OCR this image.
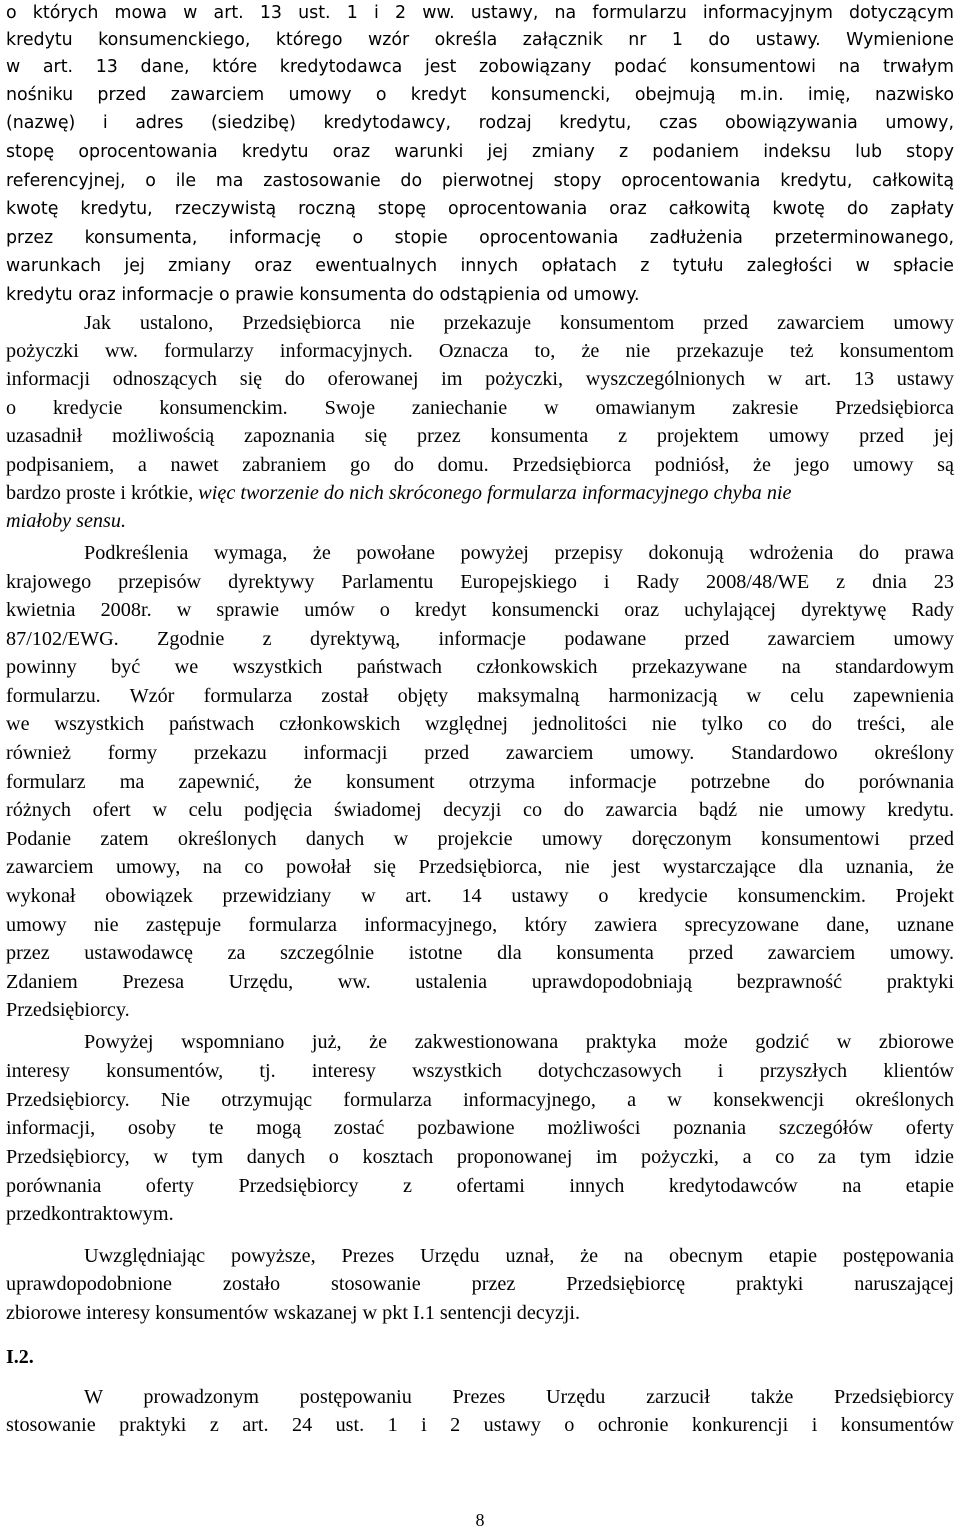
o których mowa w art. 13 ust. 1 i 2 ww. ustawy, na formularzu informacyjnym dotyczącym
kredytu konsumenckiego, którego wzór określa załącznik nr 1 do ustawy. Wymienione
w art. 13 dane, które kredytodawca jest zobowiązany podać konsumentowi na trwałym
nośniku przed zawarciem umowy o kredyt konsumencki, obejmują m.in. imię, nazwisko
(nazwę) i adres (siedzibę) kredytodawcy, rodzaj kredytu, czas obowiązywania umowy,
stopę oprocentowania kredytu oraz warunki jej zmiany z podaniem indeksu lub stopy
referencyjnej, o ile ma zastosowanie do pierwotnej stopy oprocentowania kredytu, całkowitą
kwotę kredytu, rzeczywistą roczną stopę oprocentowania oraz całkowitą kwotę do zapłaty
przez konsumenta, informację o stopie oprocentowania zadłużenia przeterminowanego,
warunkach jej zmiany oraz ewentualnych innych opłatach z tytułu zaległości w spłacie
kredytu oraz informacje o prawie konsumenta do odstąpienia od umowy.
Jak ustalono, Przedsiębiorca nie przekazuje konsumentom przed zawarciem umowy
pożyczki ww. formularzy informacyjnych. Oznacza to, że nie przekazuje też konsumentom
informacji odnoszących się do oferowanej im pożyczki, wyszczególnionych w art. 13 ustawy
o kredycie konsumenckim. Swoje zaniechanie w omawianym zakresie Przedsiębiorca
uzasadnił możliwością zapoznania się przez konsumenta z projektem umowy przed jej
podpisaniem, a nawet zabraniem go do domu. Przedsiębiorca podniósł, że jego umowy są
bardzo proste i krótkie, więc tworzenie do nich skróconego formularza informacyjnego chyba nie
miałoby sensu.
Podkreślenia wymaga, że powołane powyżej przepisy dokonują wdrożenia do prawa
krajowego przepisów dyrektywy Parlamentu Europejskiego i Rady 2008/48/WE z dnia 23
kwietnia 2008r. w sprawie umów o kredyt konsumencki oraz uchylającej dyrektywę Rady
87/102/EWG. Zgodnie z dyrektywą, informacje podawane przed zawarciem umowy
powinny być we wszystkich państwach członkowskich przekazywane na standardowym
formularzu. Wzór formularza został objęty maksymalną harmonizacją w celu zapewnienia
we wszystkich państwach członkowskich względnej jednolitości nie tylko co do treści, ale
również formy przekazu informacji przed zawarciem umowy. Standardowo określony
formularz ma zapewnić, że konsument otrzyma informacje potrzebne do porównania
różnych ofert w celu podjęcia świadomej decyzji co do zawarcia bądź nie umowy kredytu.
Podanie zatem określonych danych w projekcie umowy doręczonym konsumentowi przed
zawarciem umowy, na co powołał się Przedsiębiorca, nie jest wystarczające dla uznania, że
wykonał obowiązek przewidziany w art. 14 ustawy o kredycie konsumenckim. Projekt
umowy nie zastępuje formularza informacyjnego, który zawiera sprecyzowane dane, uznane
przez ustawodawcę za szczególnie istotne dla konsumenta przed zawarciem umowy.
Zdaniem Prezesa Urzędu, ww. ustalenia uprawdopodobniają bezprawność praktyki
Przedsiębiorcy.
Powyżej wspomniano już, że zakwestionowana praktyka może godzić w zbiorowe
interesy konsumentów, tj. interesy wszystkich dotychczasowych i przyszłych klientów
Przedsiębiorcy. Nie otrzymując formularza informacyjnego, a w konsekwencji określonych
informacji, osoby te mogą zostać pozbawione możliwości poznania szczegółów oferty
Przedsiębiorcy, w tym danych o kosztach proponowanej im pożyczki, a co za tym idzie
porównania oferty Przedsiębiorcy z ofertami innych kredytodawców na etapie
przedkontraktowym.
Uwzględniając powyższe, Prezes Urzędu uznał, że na obecnym etapie postępowania
uprawdopodobnione zostało stosowanie przez Przedsiębiorcę praktyki naruszającej
zbiorowe interesy konsumentów wskazanej w pkt I.1 sentencji decyzji.
I.2.
W prowadzonym postępowaniu Prezes Urzędu zarzucił także Przedsiębiorcy
stosowanie praktyki z art. 24 ust. 1 i 2 ustawy o ochronie konkurencji i konsumentów
8
